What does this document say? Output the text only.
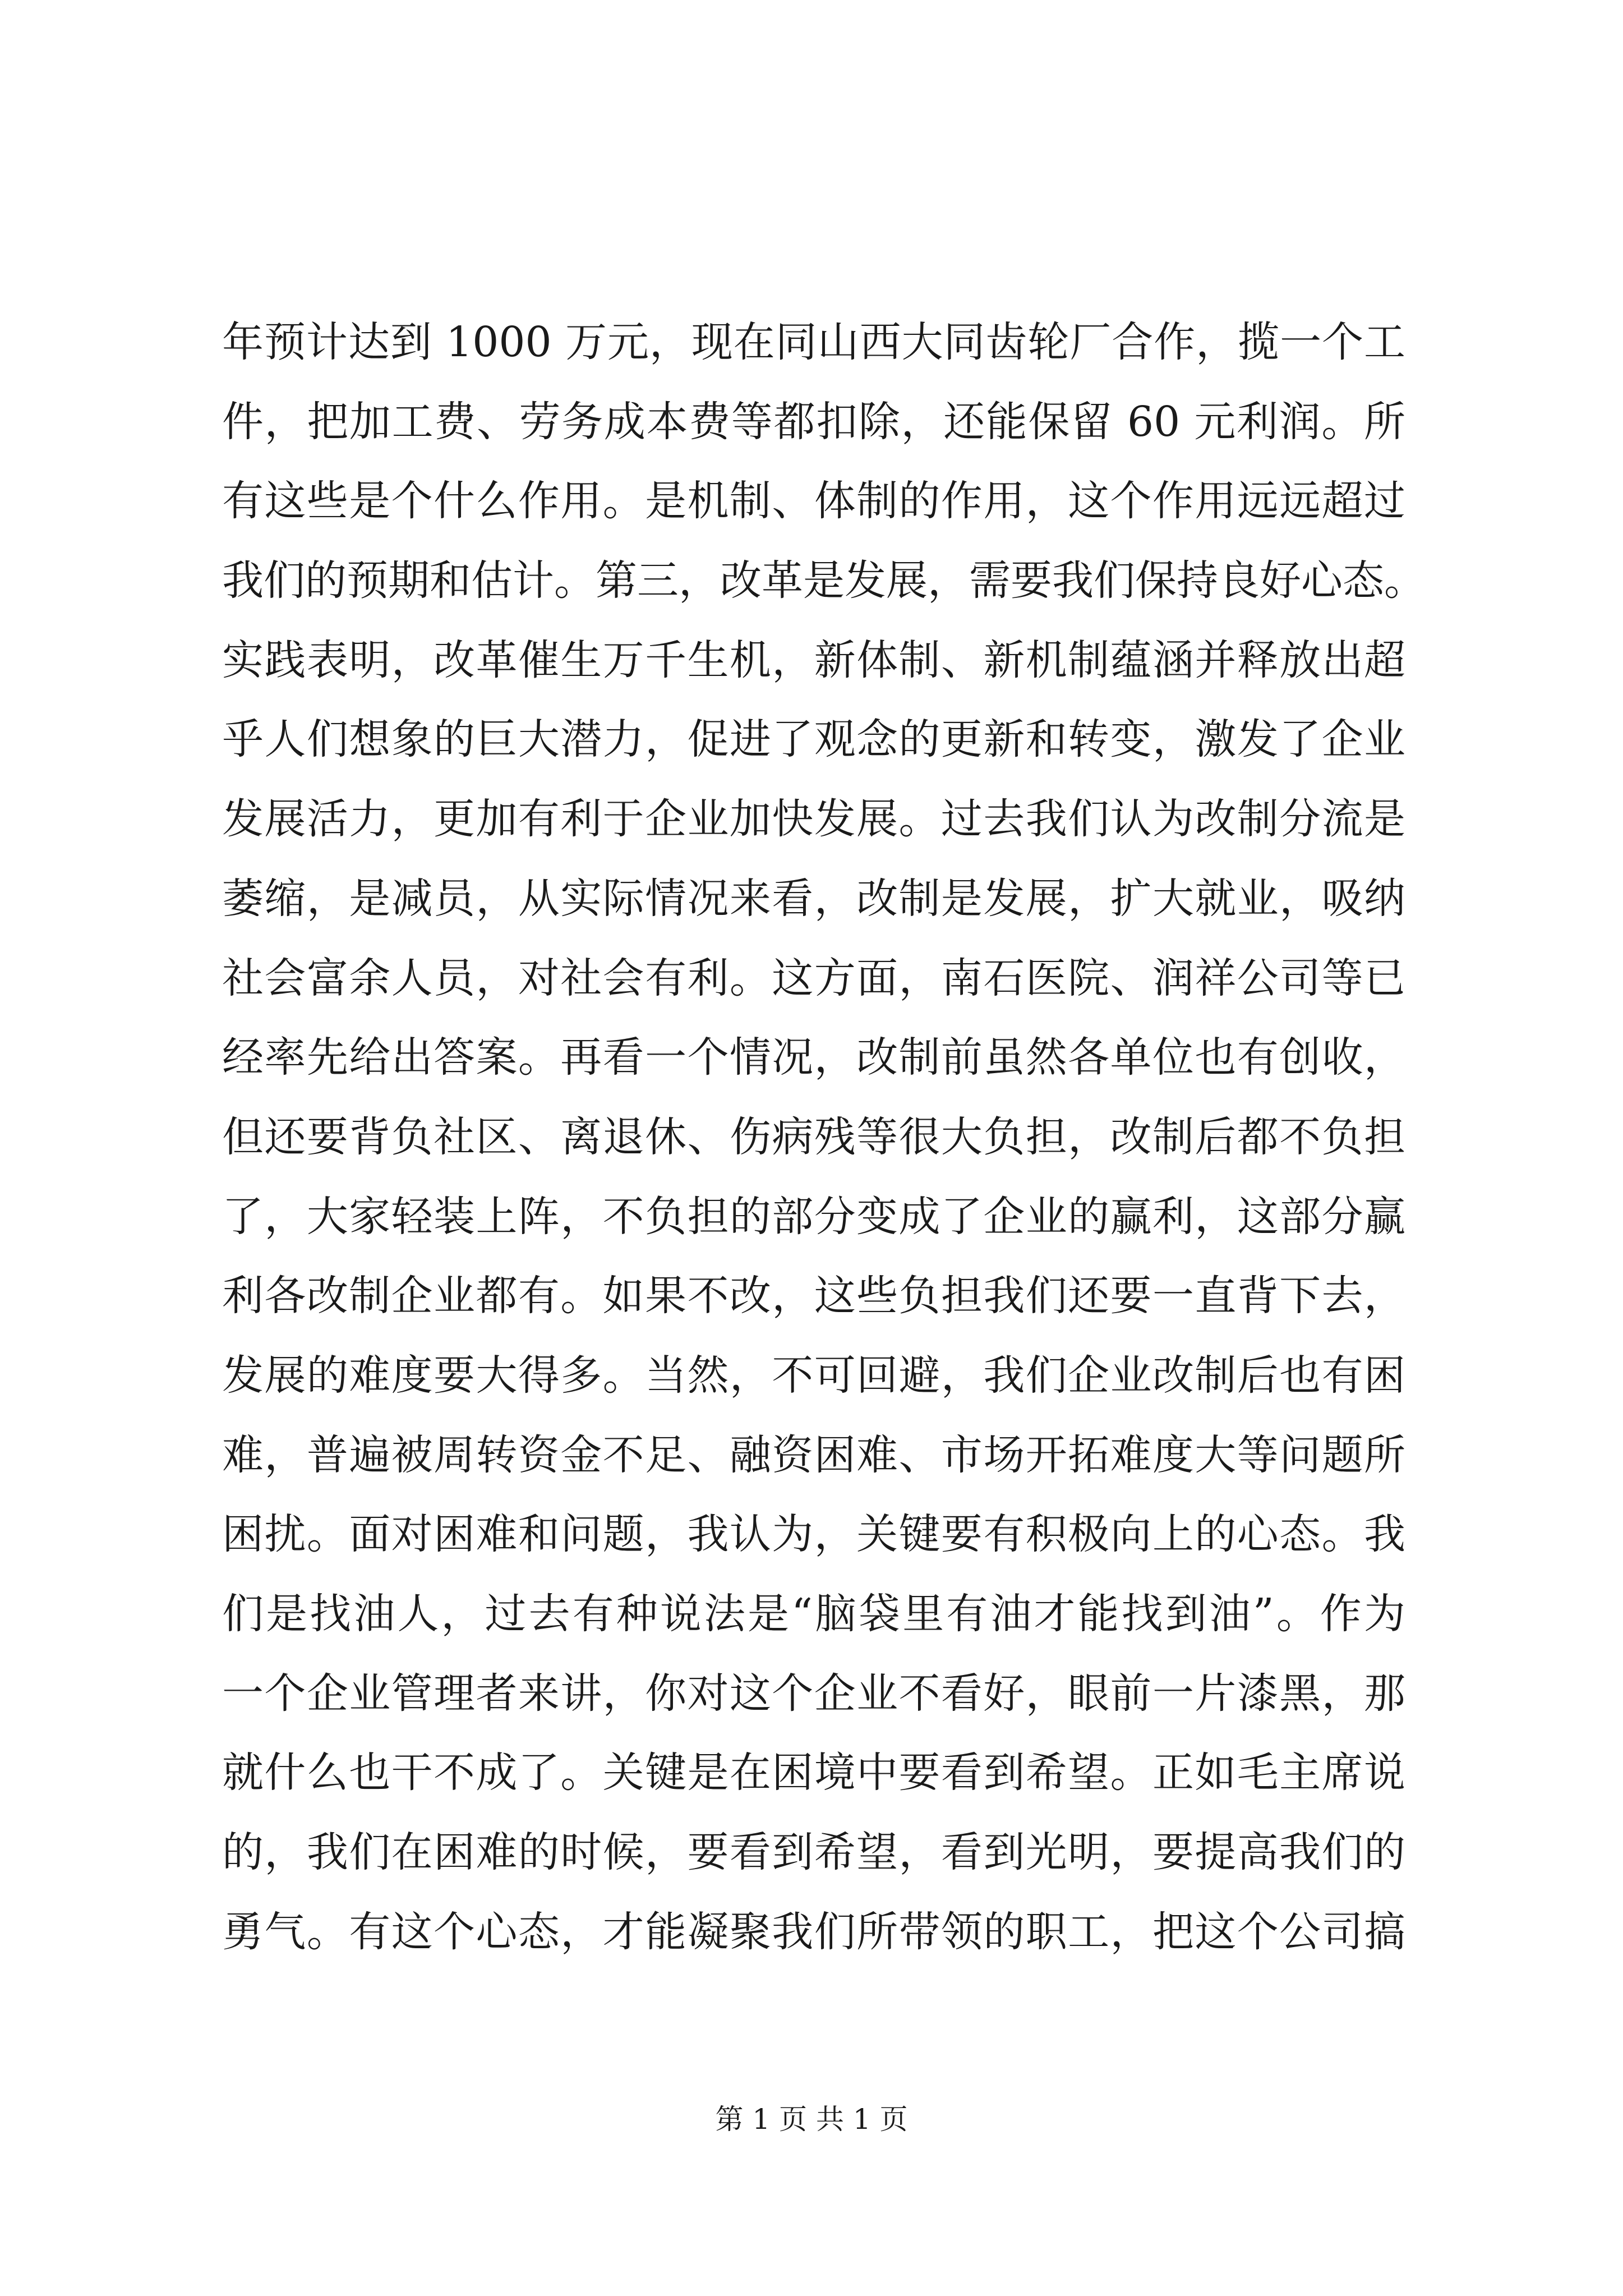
年预计达到 1000 万元，现在同山西大同齿轮厂合作，揽一个工
件，把加工费、劳务成本费等都扣除，还能保留 60 元利润。所
有这些是个什么作用。是机制、体制的作用，这个作用远远超过
我们的预期和估计。第三，改革是发展，需要我们保持良好心态。
实践表明，改革催生万千生机，新体制、新机制蕴涵并释放出超
乎人们想象的巨大潜力，促进了观念的更新和转变，激发了企业
发展活力，更加有利于企业加快发展。过去我们认为改制分流是
萎缩，是减员，从实际情况来看，改制是发展，扩大就业，吸纳
社会富余人员，对社会有利。这方面，南石医院、润祥公司等已
经率先给出答案。再看一个情况，改制前虽然各单位也有创收，
但还要背负社区、离退休、伤病残等很大负担，改制后都不负担
了，大家轻装上阵，不负担的部分变成了企业的赢利，这部分赢
利各改制企业都有。如果不改，这些负担我们还要一直背下去，
发展的难度要大得多。当然，不可回避，我们企业改制后也有困
难，普遍被周转资金不足、融资困难、市场开拓难度大等问题所
困扰。面对困难和问题，我认为，关键要有积极向上的心态。我
们是找油人，过去有种说法是“脑袋里有油才能找到油”。作为
一个企业管理者来讲，你对这个企业不看好，眼前一片漆黑，那
就什么也干不成了。关键是在困境中要看到希望。正如毛主席说
的，我们在困难的时候，要看到希望，看到光明，要提高我们的
勇气。有这个心态，才能凝聚我们所带领的职工，把这个公司搞
第 1 页 共 1 页
